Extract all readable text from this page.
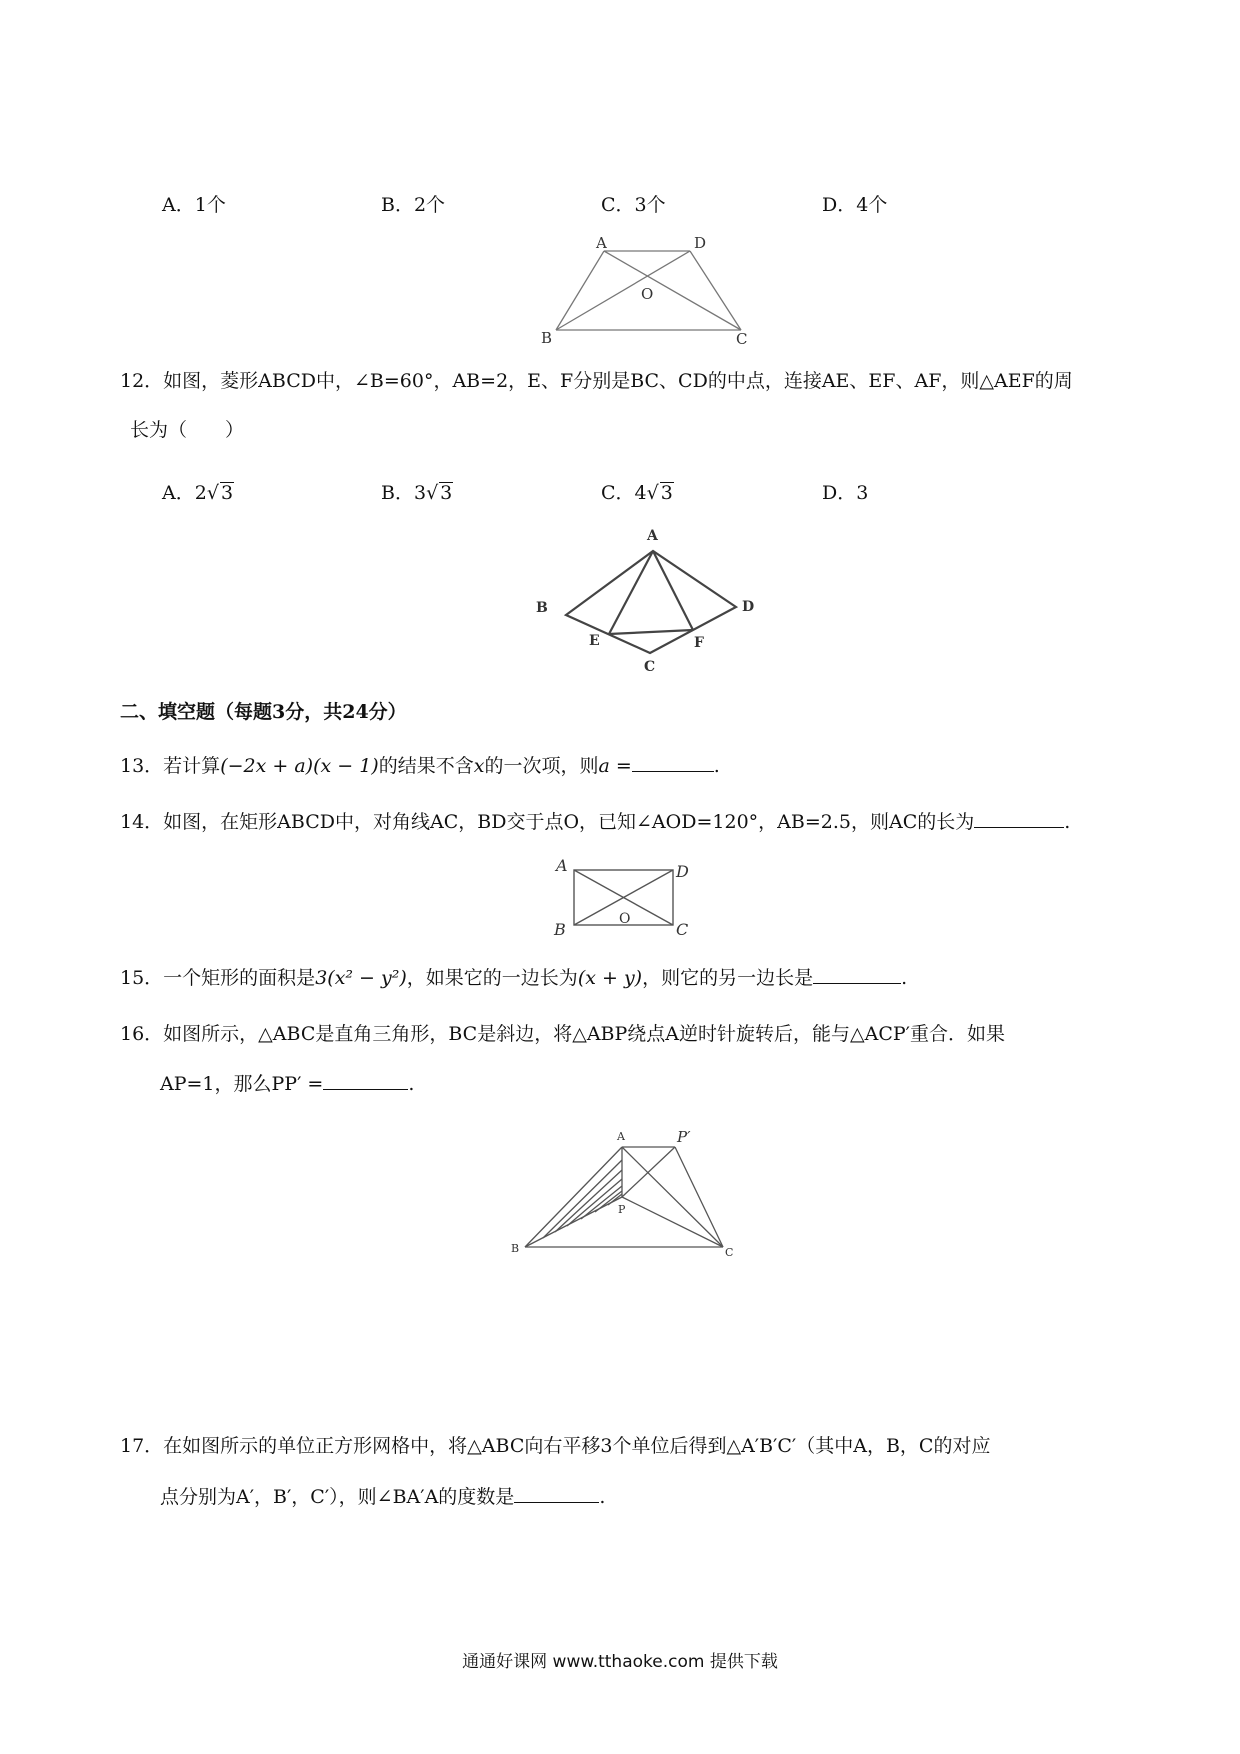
A．1个	B．2个	C．3个	D．4个
A	D
B	C
O
12．如图，菱形ABCD中，∠B=60°，AB=2，E、F分别是BC、CD的中点，连接AE、EF、AF，则△AEF的周
长为（　　）
A．2√ 3	B．3√ 3	C．4√ 3	D．3
A
B	D
E	F
C
二、填空题（每题3分，共24分）
13．若计算(−2x + a)(x − 1)的结果不含x的一次项，则a =	.
14．如图，在矩形ABCD中，对角线AC，BD交于点O，已知∠AOD=120°，AB=2.5，则AC的长为	.
A	D
B	C
O
15．一个矩形的面积是3(x² − y²)，如果它的一边长为(x + y)，则它的另一边长是	.
16．如图所示，△ABC是直角三角形，BC是斜边，将△ABP绕点A逆时针旋转后，能与△ACP′重合．如果
AP=1，那么PP′ =	.
A	P′
P
B	C
17．在如图所示的单位正方形网格中，将△ABC向右平移3个单位后得到△A′B′C′（其中A，B，C的对应
点分别为A′，B′，C′），则∠BA′A的度数是	.
通通好课网 www.tthaoke.com 提供下载
